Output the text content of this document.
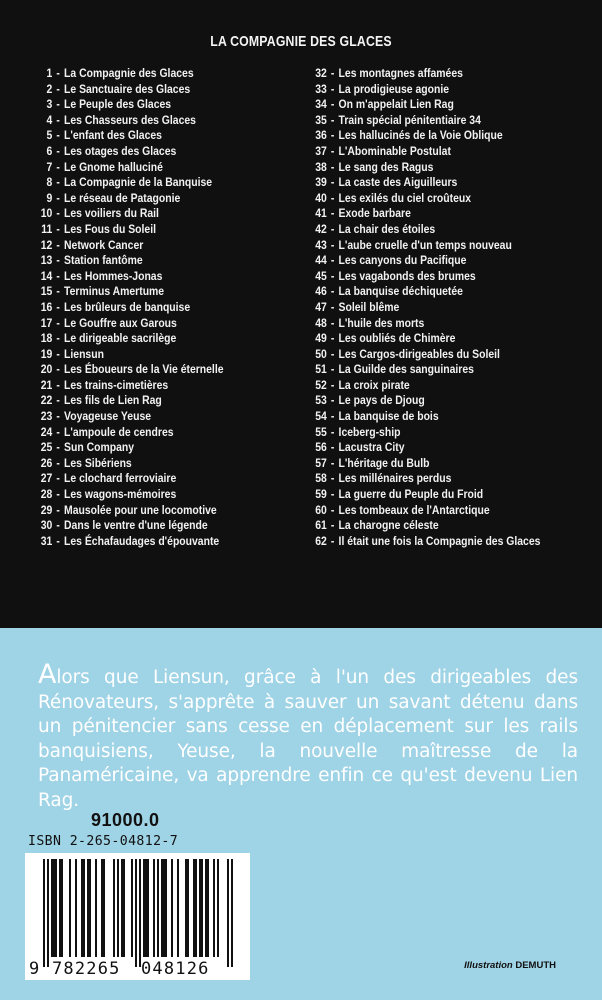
LA COMPAGNIE DES GLACES
1 - La Compagnie des Glaces
2 - Le Sanctuaire des Glaces
3 - Le Peuple des Glaces
4 - Les Chasseurs des Glaces
5 - L'enfant des Glaces
6 - Les otages des Glaces
7 - Le Gnome halluciné
8 - La Compagnie de la Banquise
9 - Le réseau de Patagonie
10 - Les voiliers du Rail
11 - Les Fous du Soleil
12 - Network Cancer
13 - Station fantôme
14 - Les Hommes-Jonas
15 - Terminus Amertume
16 - Les brûleurs de banquise
17 - Le Gouffre aux Garous
18 - Le dirigeable sacrilège
19 - Liensun
20 - Les Éboueurs de la Vie éternelle
21 - Les trains-cimetières
22 - Les fils de Lien Rag
23 - Voyageuse Yeuse
24 - L'ampoule de cendres
25 - Sun Company
26 - Les Sibériens
27 - Le clochard ferroviaire
28 - Les wagons-mémoires
29 - Mausolée pour une locomotive
30 - Dans le ventre d'une légende
31 - Les Échafaudages d'épouvante
32 - Les montagnes affamées
33 - La prodigieuse agonie
34 - On m'appelait Lien Rag
35 - Train spécial pénitentiaire 34
36 - Les hallucinés de la Voie Oblique
37 - L'Abominable Postulat
38 - Le sang des Ragus
39 - La caste des Aiguilleurs
40 - Les exilés du ciel croûteux
41 - Exode barbare
42 - La chair des étoiles
43 - L'aube cruelle d'un temps nouveau
44 - Les canyons du Pacifique
45 - Les vagabonds des brumes
46 - La banquise déchiquetée
47 - Soleil blême
48 - L'huile des morts
49 - Les oubliés de Chimère
50 - Les Cargos-dirigeables du Soleil
51 - La Guilde des sanguinaires
52 - La croix pirate
53 - Le pays de Djoug
54 - La banquise de bois
55 - Iceberg-ship
56 - Lacustra City
57 - L'héritage du Bulb
58 - Les millénaires perdus
59 - La guerre du Peuple du Froid
60 - Les tombeaux de l'Antarctique
61 - La charogne céleste
62 - Il était une fois la Compagnie des Glaces
Alors que Liensun, grâce à l'un des dirigeables des Rénovateurs, s'apprête à sauver un savant détenu dans un pénitencier sans cesse en déplacement sur les rails banquisiens, Yeuse, la nouvelle maîtresse de la Panaméricaine, va apprendre enfin ce qu'est devenu Lien Rag.
91000.0
ISBN 2-265-04812-7
9 782265 048126	Illustration DEMUTH
